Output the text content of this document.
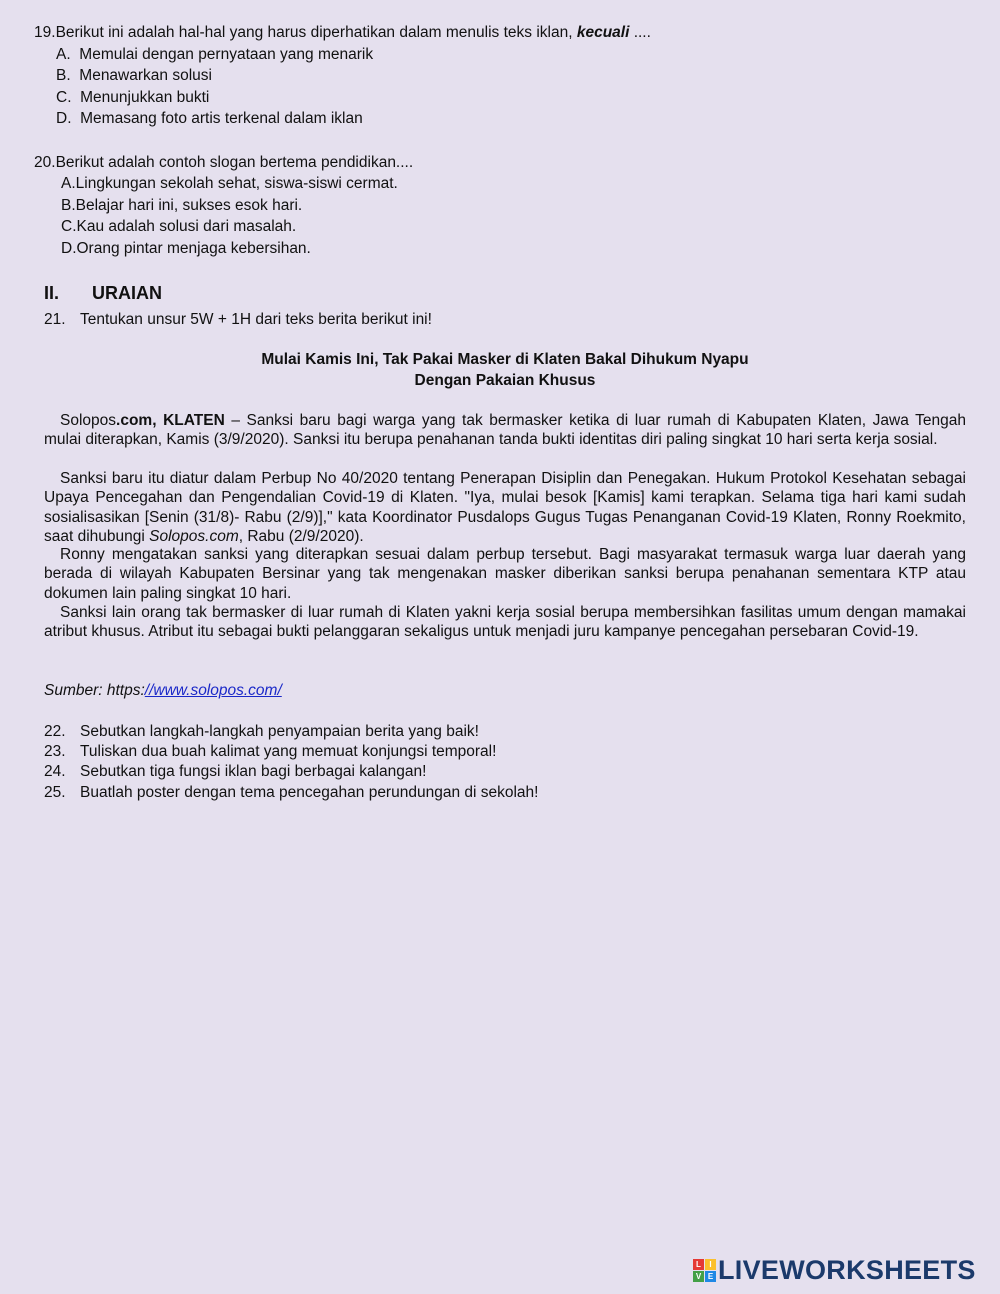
19.Berikut ini adalah hal-hal yang harus diperhatikan dalam menulis teks iklan, kecuali ....
A. Memulai dengan pernyataan yang menarik
B. Menawarkan solusi
C. Menunjukkan bukti
D. Memasang foto artis terkenal dalam iklan
20.Berikut adalah contoh slogan bertema pendidikan....
A.Lingkungan sekolah sehat, siswa-siswi cermat.
B.Belajar hari ini, sukses esok hari.
C.Kau adalah solusi dari masalah.
D.Orang pintar menjaga kebersihan.
II. URAIAN
21. Tentukan unsur 5W + 1H dari teks berita berikut ini!
Mulai Kamis Ini, Tak Pakai Masker di Klaten Bakal Dihukum Nyapu
Dengan Pakaian Khusus
Solopos.com, KLATEN – Sanksi baru bagi warga yang tak bermasker ketika di luar rumah di Kabupaten Klaten, Jawa Tengah mulai diterapkan, Kamis (3/9/2020). Sanksi itu berupa penahanan tanda bukti identitas diri paling singkat 10 hari serta kerja sosial.
Sanksi baru itu diatur dalam Perbup No 40/2020 tentang Penerapan Disiplin dan Penegakan. Hukum Protokol Kesehatan sebagai Upaya Pencegahan dan Pengendalian Covid-19 di Klaten. "Iya, mulai besok [Kamis] kami terapkan. Selama tiga hari kami sudah sosialisasikan [Senin (31/8)- Rabu (2/9)]," kata Koordinator Pusdalops Gugus Tugas Penanganan Covid-19 Klaten, Ronny Roekmito, saat dihubungi Solopos.com, Rabu (2/9/2020).
Ronny mengatakan sanksi yang diterapkan sesuai dalam perbup tersebut. Bagi masyarakat termasuk warga luar daerah yang berada di wilayah Kabupaten Bersinar yang tak mengenakan masker diberikan sanksi berupa penahanan sementara KTP atau dokumen lain paling singkat 10 hari.
Sanksi lain orang tak bermasker di luar rumah di Klaten yakni kerja sosial berupa membersihkan fasilitas umum dengan mamakai atribut khusus. Atribut itu sebagai bukti pelanggaran sekaligus untuk menjadi juru kampanye pencegahan persebaran Covid-19.
Sumber: https://www.solopos.com/
22. Sebutkan langkah-langkah penyampaian berita yang baik!
23. Tuliskan dua buah kalimat yang memuat konjungsi temporal!
24. Sebutkan tiga fungsi iklan bagi berbagai kalangan!
25. Buatlah poster dengan tema pencegahan perundungan di sekolah!
L	I
V E LIVEWORKSHEETS
